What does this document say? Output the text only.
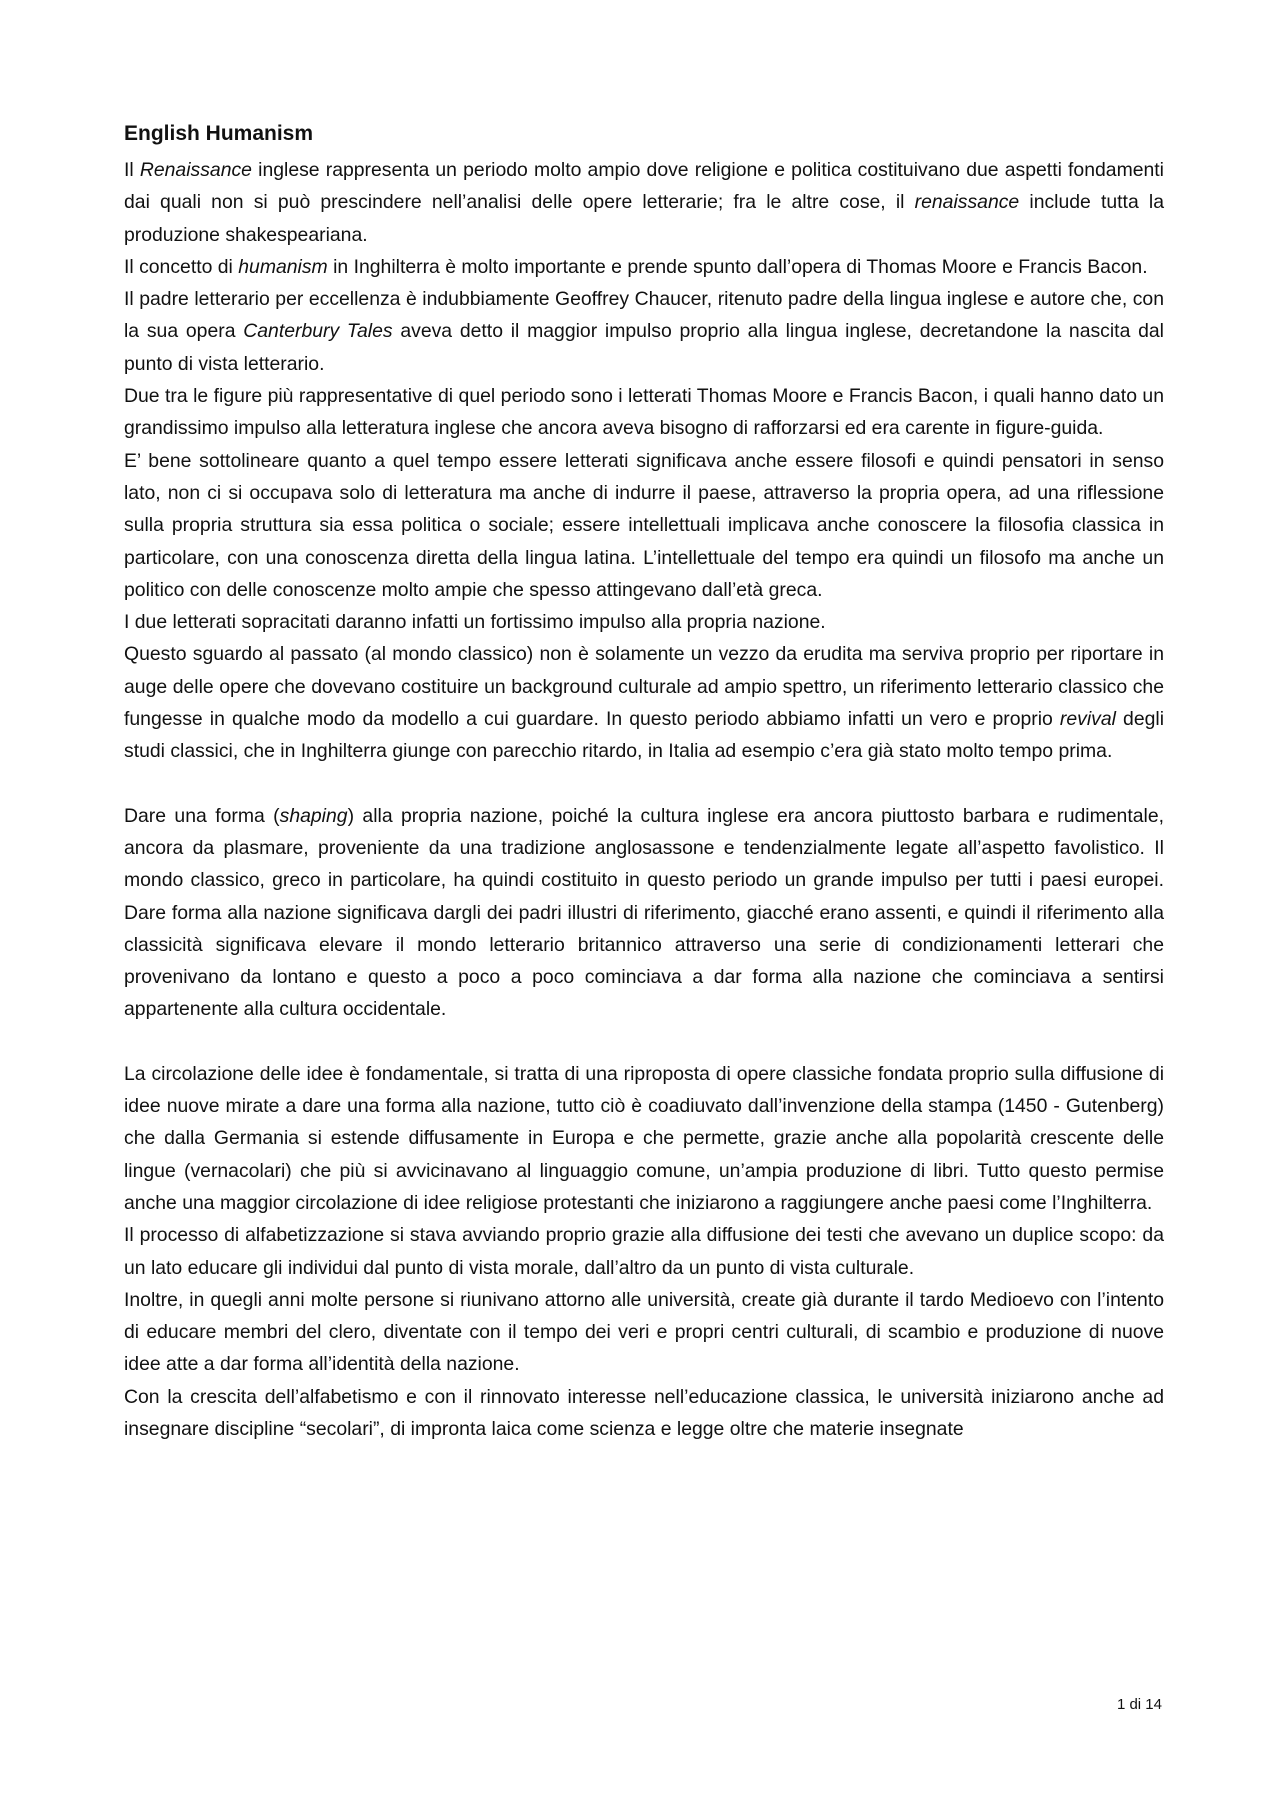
English Humanism

Il Renaissance inglese rappresenta un periodo molto ampio dove religione e politica costituivano due aspetti fondamenti dai quali non si può prescindere nell’analisi delle opere letterarie; fra le altre cose, il renaissance include tutta la produzione shakespeariana.

Il concetto di humanism in Inghilterra è molto importante e prende spunto dall’opera di Thomas Moore e Francis Bacon.

Il padre letterario per eccellenza è indubbiamente Geoffrey Chaucer, ritenuto padre della lingua inglese e autore che, con la sua opera Canterbury Tales aveva detto il maggior impulso proprio alla lingua inglese, decretandone la nascita dal punto di vista letterario.

Due tra le figure più rappresentative di quel periodo sono i letterati Thomas Moore e Francis Bacon, i quali hanno dato un grandissimo impulso alla letteratura inglese che ancora aveva bisogno di rafforzarsi ed era carente in figure-guida.

E’ bene sottolineare quanto a quel tempo essere letterati significava anche essere filosofi e quindi pensatori in senso lato, non ci si occupava solo di letteratura ma anche di indurre il paese, attraverso la propria opera, ad una riflessione sulla propria struttura sia essa politica o sociale; essere intellettuali implicava anche conoscere la filosofia classica in particolare, con una conoscenza diretta della lingua latina. L’intellettuale del tempo era quindi un filosofo ma anche un politico con delle conoscenze molto ampie che spesso attingevano dall’età greca.

I due letterati sopracitati daranno infatti un fortissimo impulso alla propria nazione.

Questo sguardo al passato (al mondo classico) non è solamente un vezzo da erudita ma serviva proprio per riportare in auge delle opere che dovevano costituire un background culturale ad ampio spettro, un riferimento letterario classico che fungesse in qualche modo da modello a cui guardare. In questo periodo abbiamo infatti un vero e proprio revival degli studi classici, che in Inghilterra giunge con parecchio ritardo, in Italia ad esempio c’era già stato molto tempo prima.

Dare una forma (shaping) alla propria nazione, poiché la cultura inglese era ancora piuttosto barbara e rudimentale, ancora da plasmare, proveniente da una tradizione anglosassone e tendenzialmente legate all’aspetto favolistico. Il mondo classico, greco in particolare, ha quindi costituito in questo periodo un grande impulso per tutti i paesi europei. Dare forma alla nazione significava dargli dei padri illustri di riferimento, giacché erano assenti, e quindi il riferimento alla classicità significava elevare il mondo letterario britannico attraverso una serie di condizionamenti letterari che provenivano da lontano e questo a poco a poco cominciava a dar forma alla nazione che cominciava a sentirsi appartenente alla cultura occidentale.

La circolazione delle idee è fondamentale, si tratta di una riproposta di opere classiche fondata proprio sulla diffusione di idee nuove mirate a dare una forma alla nazione, tutto ciò è coadiuvato dall’invenzione della stampa (1450 - Gutenberg) che dalla Germania si estende diffusamente in Europa e che permette, grazie anche alla popolarità crescente delle lingue (vernacolari) che più si avvicinavano al linguaggio comune, un’ampia produzione di libri. Tutto questo permise anche una maggior circolazione di idee religiose protestanti che iniziarono a raggiungere anche paesi come l’Inghilterra.

Il processo di alfabetizzazione si stava avviando proprio grazie alla diffusione dei testi che avevano un duplice scopo: da un lato educare gli individui dal punto di vista morale, dall’altro da un punto di vista culturale.

Inoltre, in quegli anni molte persone si riunivano attorno alle università, create già durante il tardo Medioevo con l’intento di educare membri del clero, diventate con il tempo dei veri e propri centri culturali, di scambio e produzione di nuove idee atte a dar forma all’identità della nazione.

Con la crescita dell’alfabetismo e con il rinnovato interesse nell’educazione classica, le università iniziarono anche ad insegnare discipline “secolari”, di impronta laica come scienza e legge oltre che materie insegnate

1 di 14
